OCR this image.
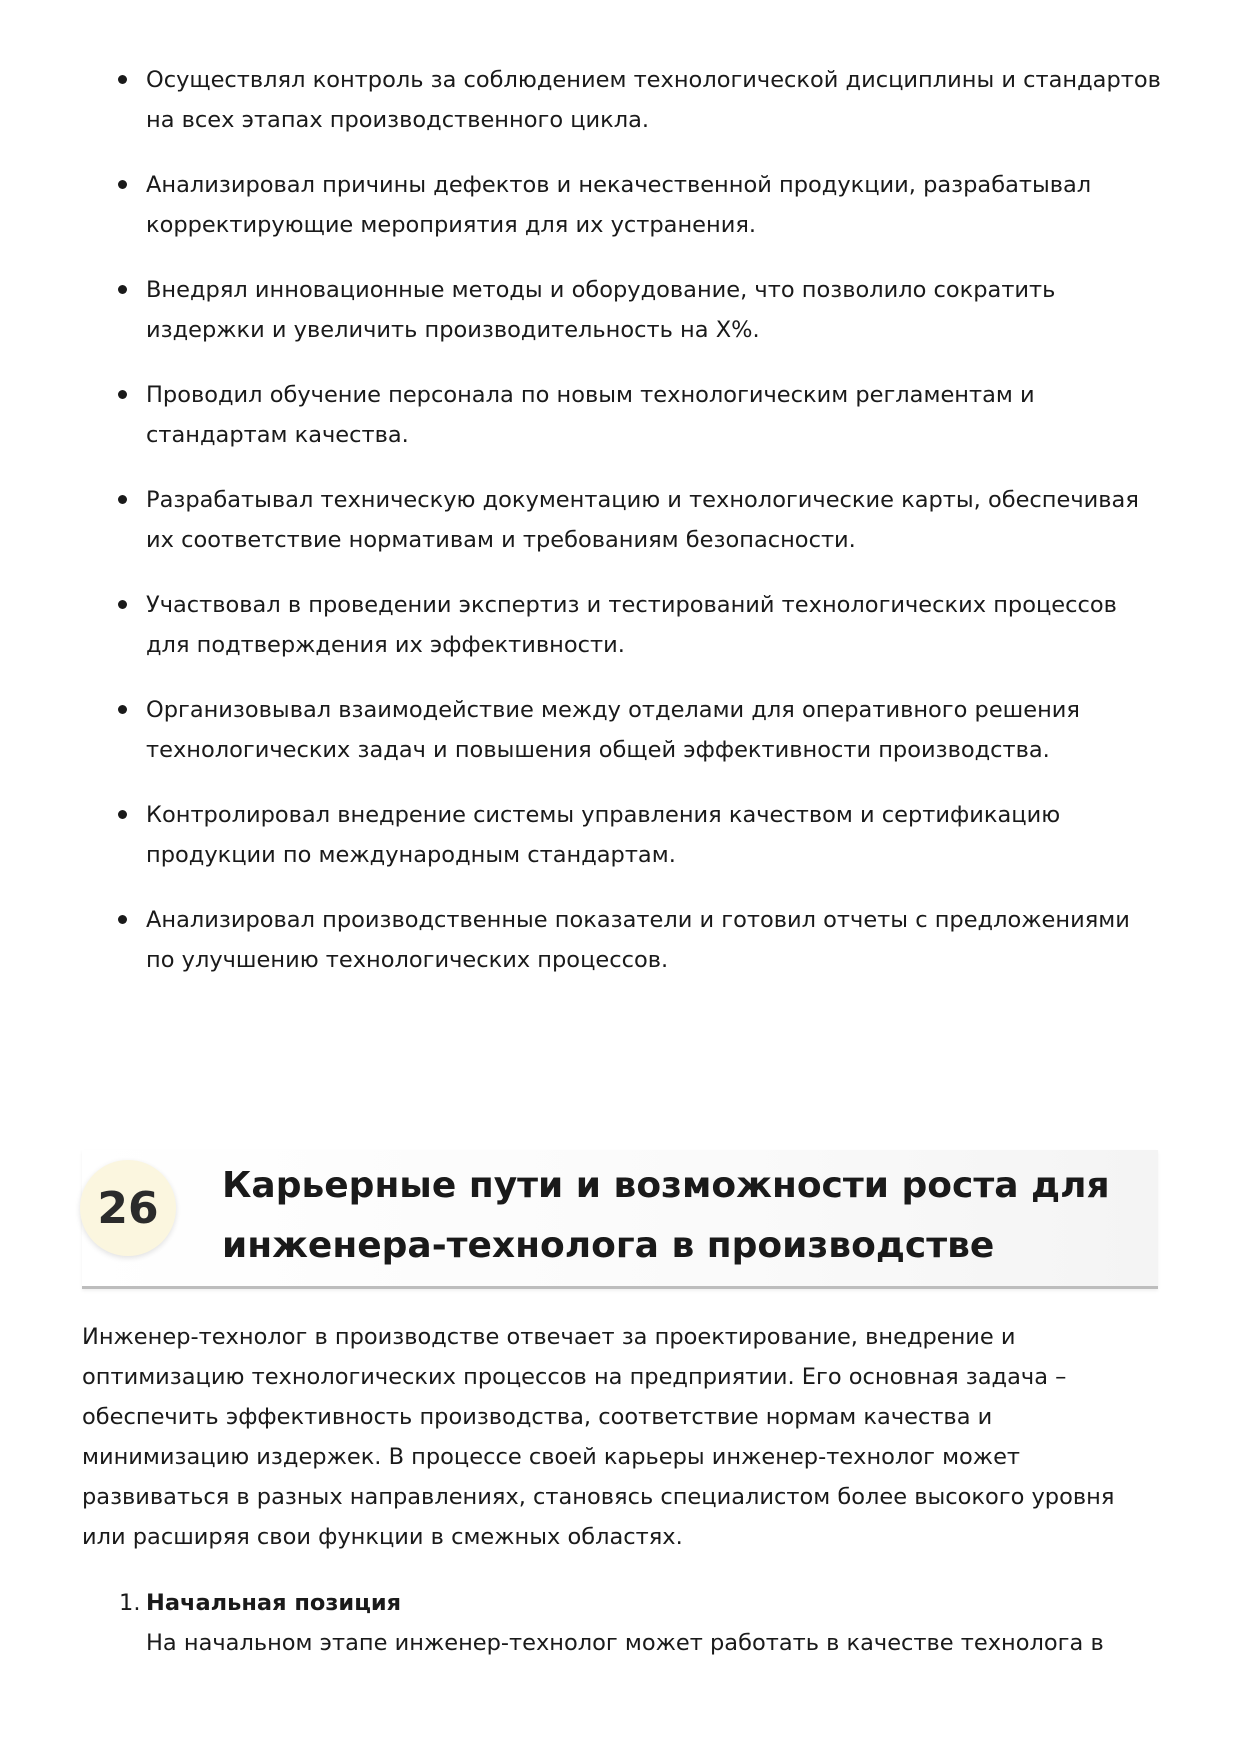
Осуществлял контроль за соблюдением технологической дисциплины и стандартов на всех этапах производственного цикла.
Анализировал причины дефектов и некачественной продукции, разрабатывал корректирующие мероприятия для их устранения.
Внедрял инновационные методы и оборудование, что позволило сократить издержки и увеличить производительность на X%.
Проводил обучение персонала по новым технологическим регламентам и стандартам качества.
Разрабатывал техническую документацию и технологические карты, обеспечивая их соответствие нормативам и требованиям безопасности.
Участвовал в проведении экспертиз и тестирований технологических процессов для подтверждения их эффективности.
Организовывал взаимодействие между отделами для оперативного решения технологических задач и повышения общей эффективности производства.
Контролировал внедрение системы управления качеством и сертификацию продукции по международным стандартам.
Анализировал производственные показатели и готовил отчеты с предложениями по улучшению технологических процессов.
26	Карьерные пути и возможности роста для
инженера-технолога в производстве

Инженер-технолог в производстве отвечает за проектирование, внедрение и оптимизацию технологических процессов на предприятии. Его основная задача – обеспечить эффективность производства, соответствие нормам качества и минимизацию издержек. В процессе своей карьеры инженер-технолог может развиваться в разных направлениях, становясь специалистом более высокого уровня или расширяя свои функции в смежных областях.

1. Начальная позиция
На начальном этапе инженер-технолог может работать в качестве технолога в
